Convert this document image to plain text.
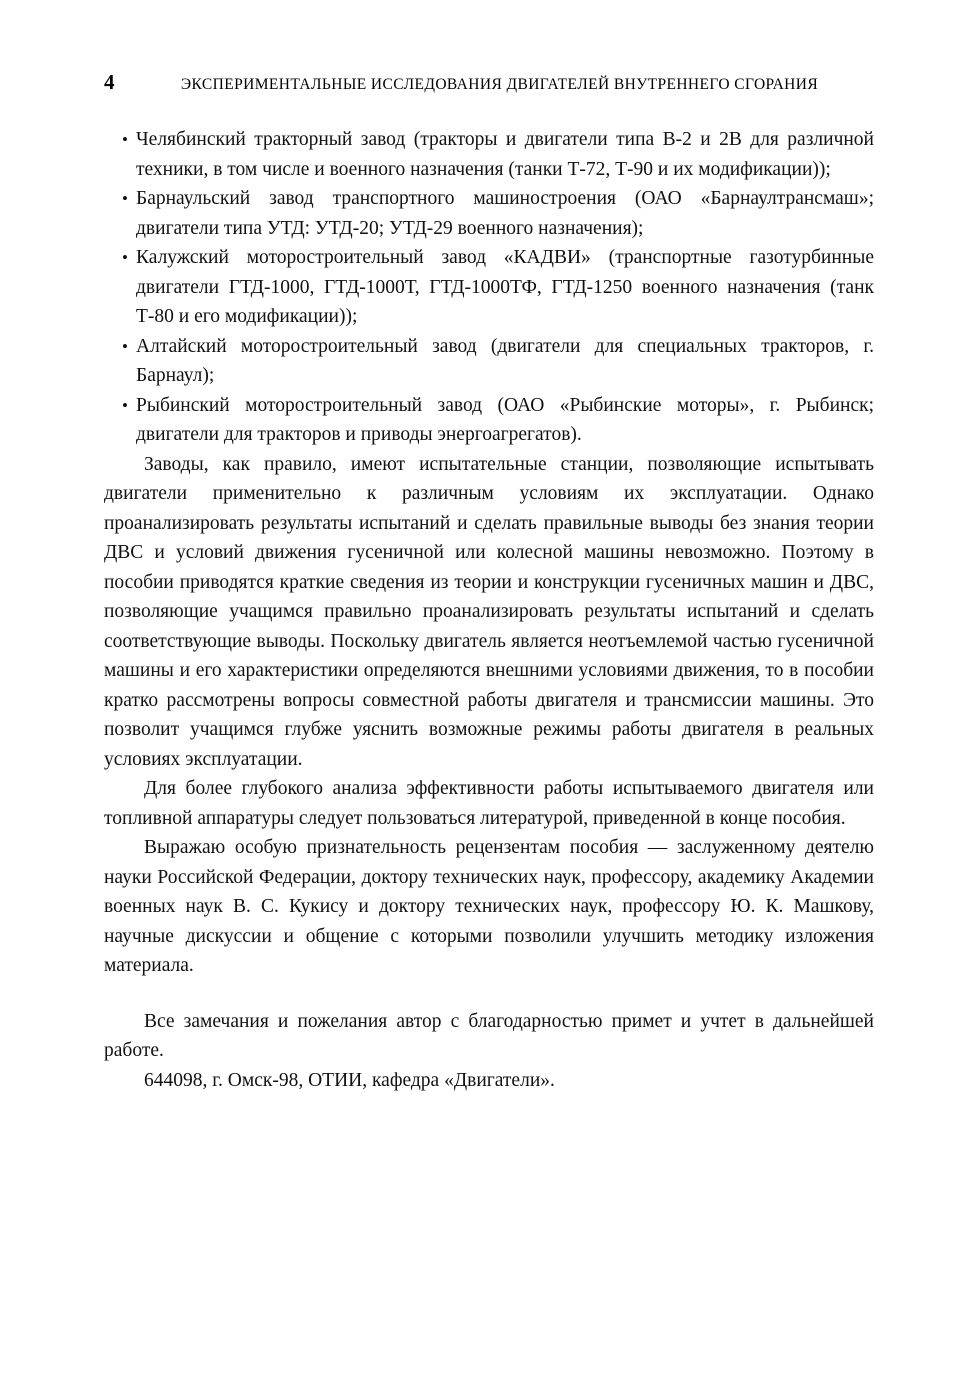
4	ЭКСПЕРИМЕНТАЛЬНЫЕ ИССЛЕДОВАНИЯ ДВИГАТЕЛЕЙ ВНУТРЕННЕГО СГОРАНИЯ
• Челябинский тракторный завод (тракторы и двигатели типа В-2 и 2В для различной техники, в том числе и военного назначения (танки Т-72, Т-90 и их модификации));
• Барнаульский завод транспортного машиностроения (ОАО «Барнаултрансмаш»; двигатели типа УТД: УТД-20; УТД-29 военного назначения);
• Калужский моторостроительный завод «КАДВИ» (транспортные газотурбинные двигатели ГТД-1000, ГТД-1000Т, ГТД-1000ТФ, ГТД-1250 военного назначения (танк Т-80 и его модификации));
• Алтайский моторостроительный завод (двигатели для специальных тракторов, г. Барнаул);
• Рыбинский моторостроительный завод (ОАО «Рыбинские моторы», г. Рыбинск; двигатели для тракторов и приводы энергоагрегатов).

Заводы, как правило, имеют испытательные станции, позволяющие испытывать двигатели применительно к различным условиям их эксплуатации. Однако проанализировать результаты испытаний и сделать правильные выводы без знания теории ДВС и условий движения гусеничной или колесной машины невозможно. Поэтому в пособии приводятся краткие сведения из теории и конструкции гусеничных машин и ДВС, позволяющие учащимся правильно проанализировать результаты испытаний и сделать соответствующие выводы. Поскольку двигатель является неотъемлемой частью гусеничной машины и его характеристики определяются внешними условиями движения, то в пособии кратко рассмотрены вопросы совместной работы двигателя и трансмиссии машины. Это позволит учащимся глубже уяснить возможные режимы работы двигателя в реальных условиях эксплуатации.

Для более глубокого анализа эффективности работы испытываемого двигателя или топливной аппаратуры следует пользоваться литературой, приведенной в конце пособия.

Выражаю особую признательность рецензентам пособия — заслуженному деятелю науки Российской Федерации, доктору технических наук, профессору, академику Академии военных наук В. С. Кукису и доктору технических наук, профессору Ю. К. Машкову, научные дискуссии и общение с которыми позволили улучшить методику изложения материала.

Все замечания и пожелания автор с благодарностью примет и учтет в дальнейшей работе.

644098, г. Омск-98, ОТИИ, кафедра «Двигатели».
